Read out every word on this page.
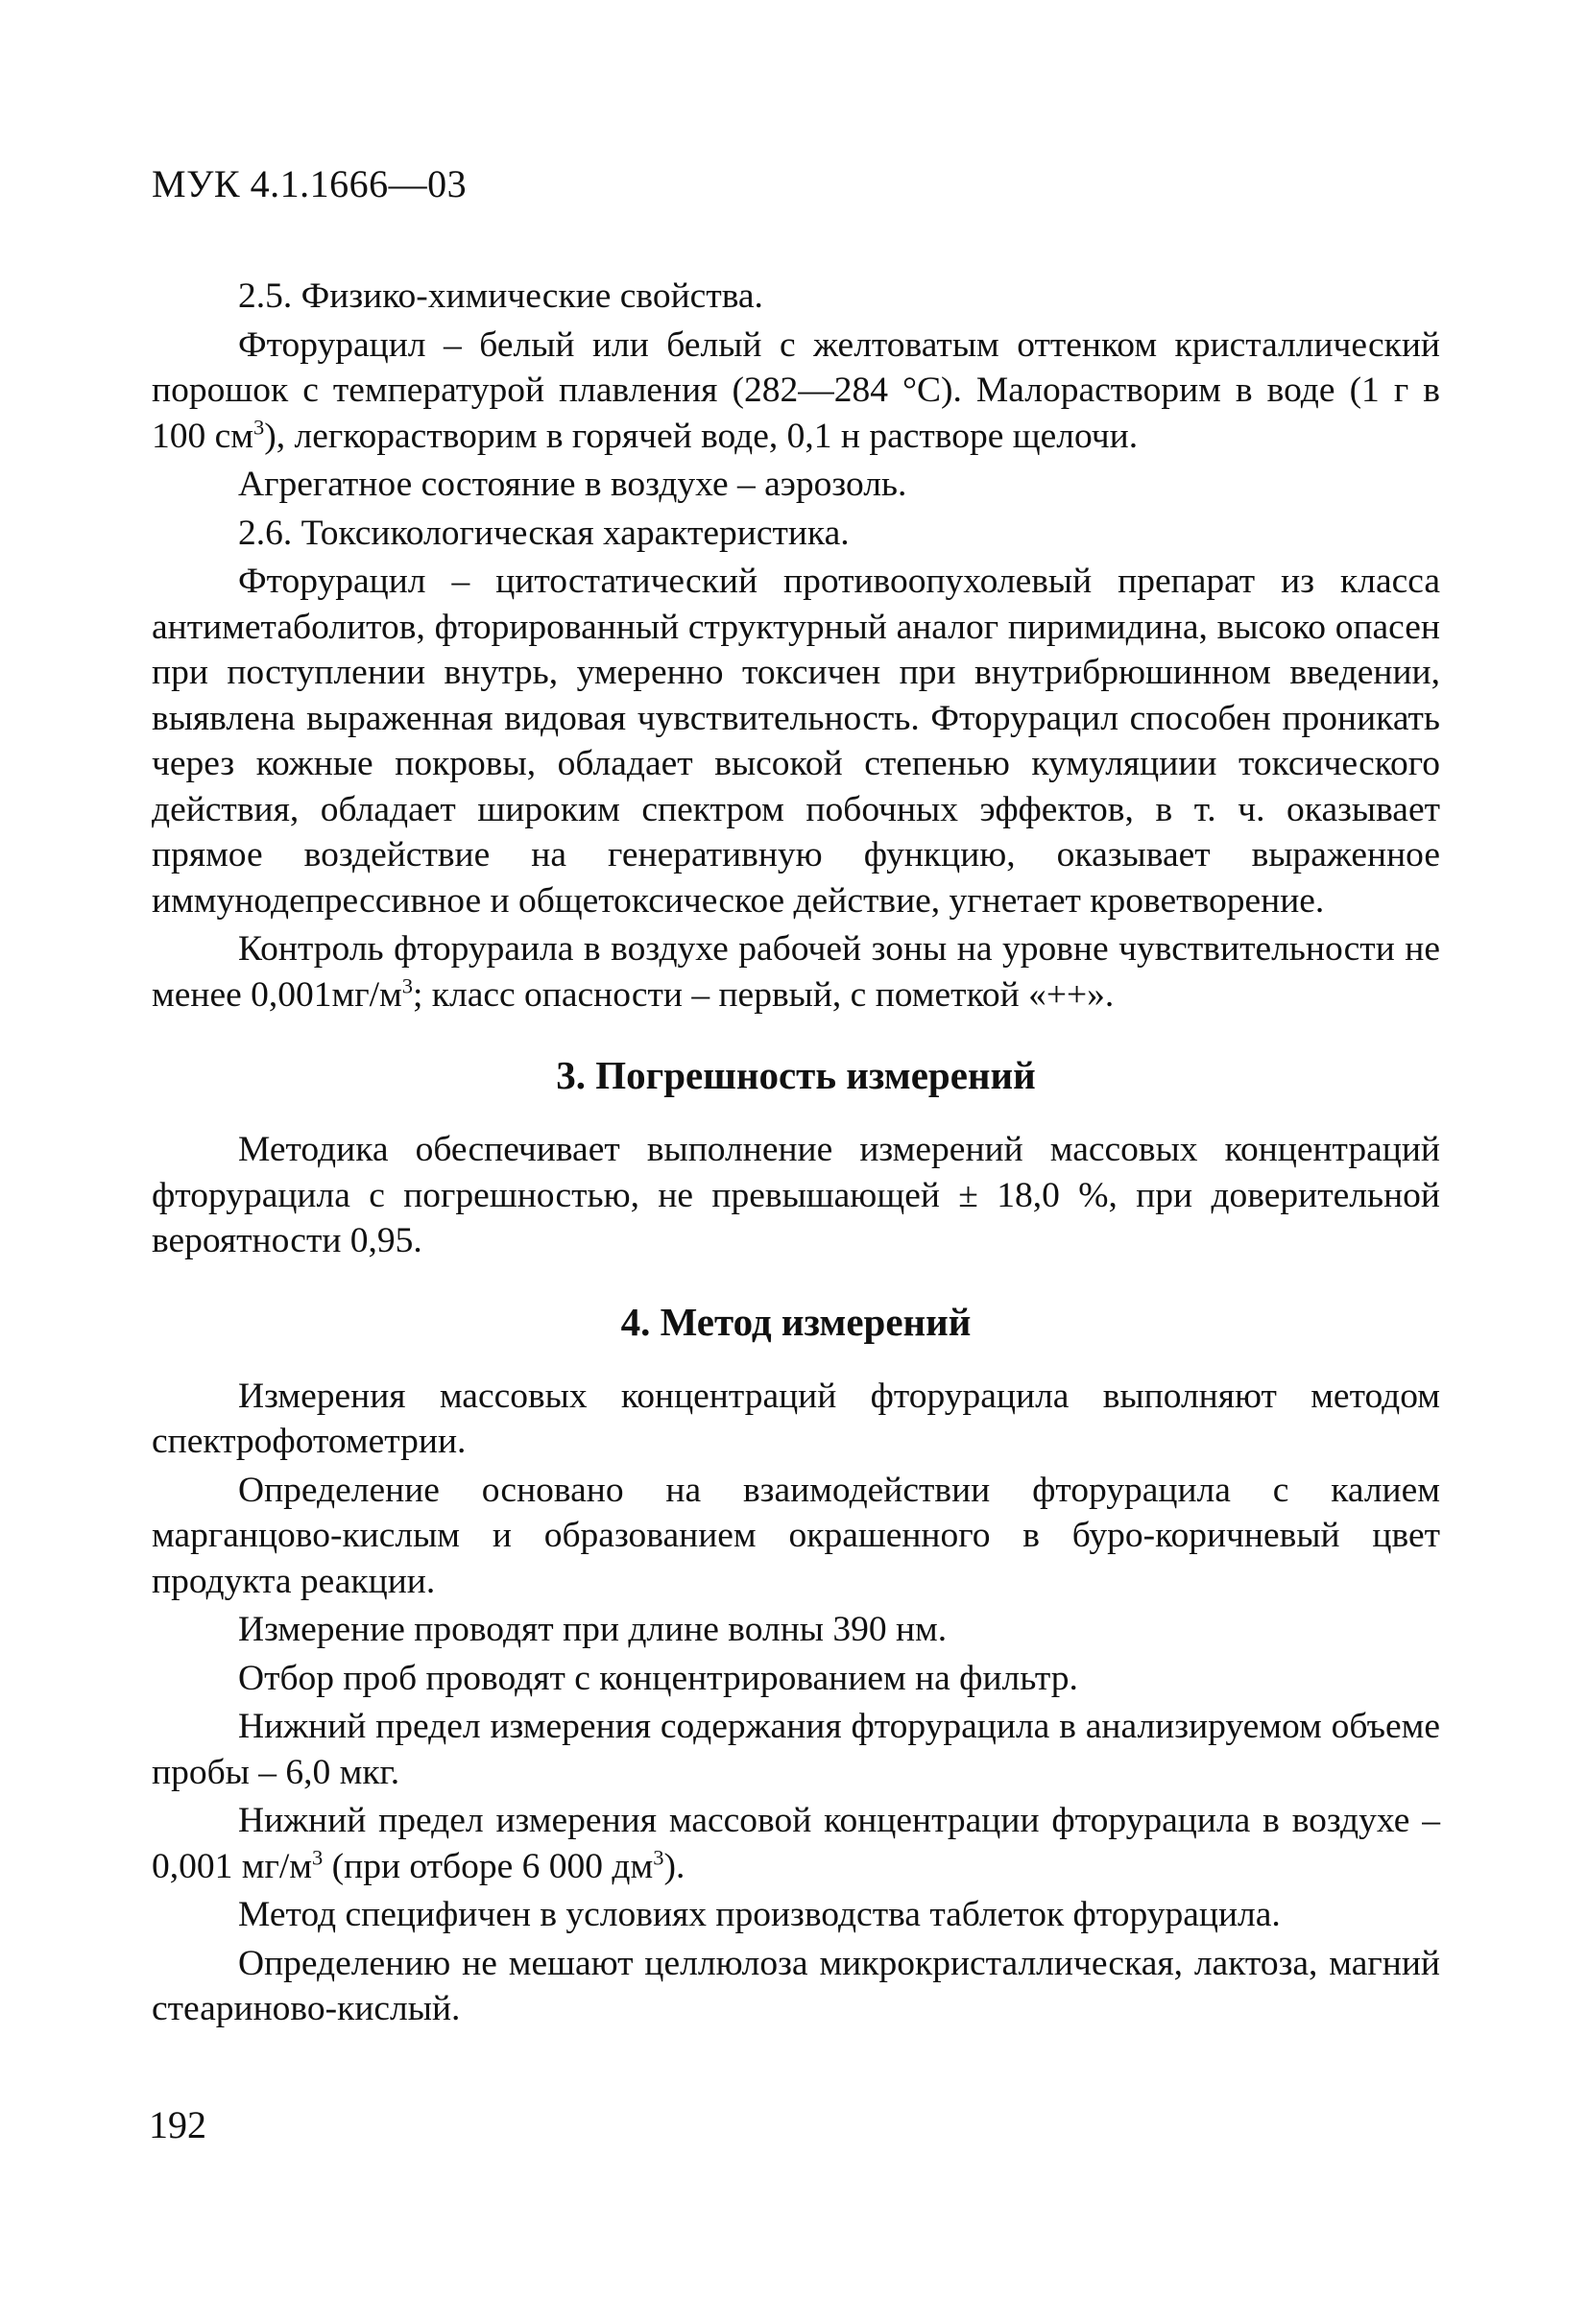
МУК 4.1.1666—03

2.5. Физико-химические свойства.

Фторурацил – белый или белый с желтоватым оттенком кристаллический порошок с температурой плавления (282—284 °С). Малорастворим в воде (1 г в 100 $см^3$), легкорастворим в горячей воде, 0,1 н растворе щелочи.

Агрегатное состояние в воздухе – аэрозоль.

2.6. Токсикологическая характеристика.

Фторурацил – цитостатический противоопухолевый препарат из класса антиметаболитов, фторированный структурный аналог пиримидина, высоко опасен при поступлении внутрь, умеренно токсичен при внутрибрюшинном введении, выявлена выраженная видовая чувствительность. Фторурацил способен проникать через кожные покровы, обладает высокой степенью кумуляциии токсического действия, обладает широким спектром побочных эффектов, в т. ч. оказывает прямое воздействие на генеративную функцию, оказывает выраженное иммунодепрессивное и общетоксическое действие, угнетает кроветворение.

Контроль фтoрураила в воздухе рабочей зоны на уровне чувствительности не менее $0,001мг/м^3$; класс опасности – первый, с пометкой «++».

3. Погрешность измерений

Методика обеспечивает выполнение измерений массовых концентраций фторурацила с погрешностью, не превышающей ± 18,0 %, при доверительной вероятности 0,95.

4. Метод измерений

Измерения массовых концентраций фторурацила выполняют методом спектрофотометрии.

Определение основано на взаимодействии фторурацила с калием марганцово-кислым и образованием окрашенного в буро-коричневый цвет продукта реакции.

Измерение проводят при длине волны 390 нм.

Отбор проб проводят с концентрированием на фильтр.

Нижний предел измерения содержания фторурацила в анализируемом объеме пробы – 6,0 мкг.

Нижний предел измерения массовой концентрации фторурацила в воздухе – 0,001 $мг/м^3$ (при отборе 6 000 $дм^3$).

Метод специфичен в условиях производства таблеток фторурацила.

Определению не мешают целлюлоза микрокристаллическая, лактоза, магний стеариново-кислый.

192
